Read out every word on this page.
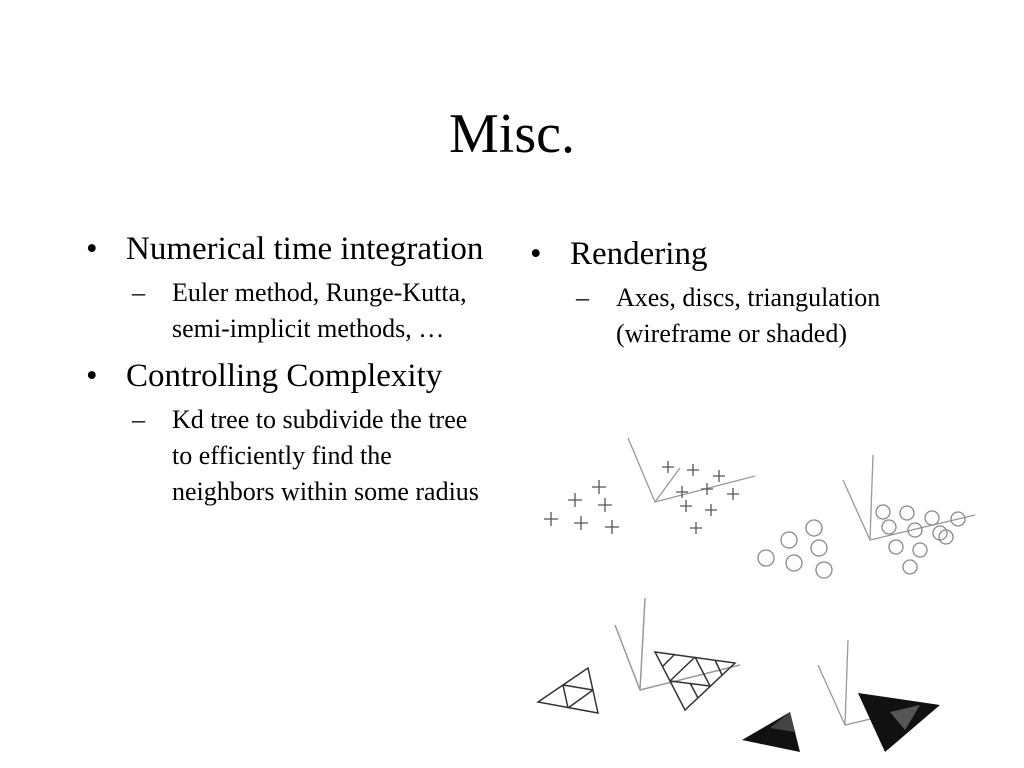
Misc.
• Numerical time integration
– Euler method, Runge-Kutta, semi-implicit methods, …
• Controlling Complexity
– Kd tree to subdivide the tree to efficiently find the neighbors within some radius
• Rendering
– Axes, discs, triangulation (wireframe or shaded)
